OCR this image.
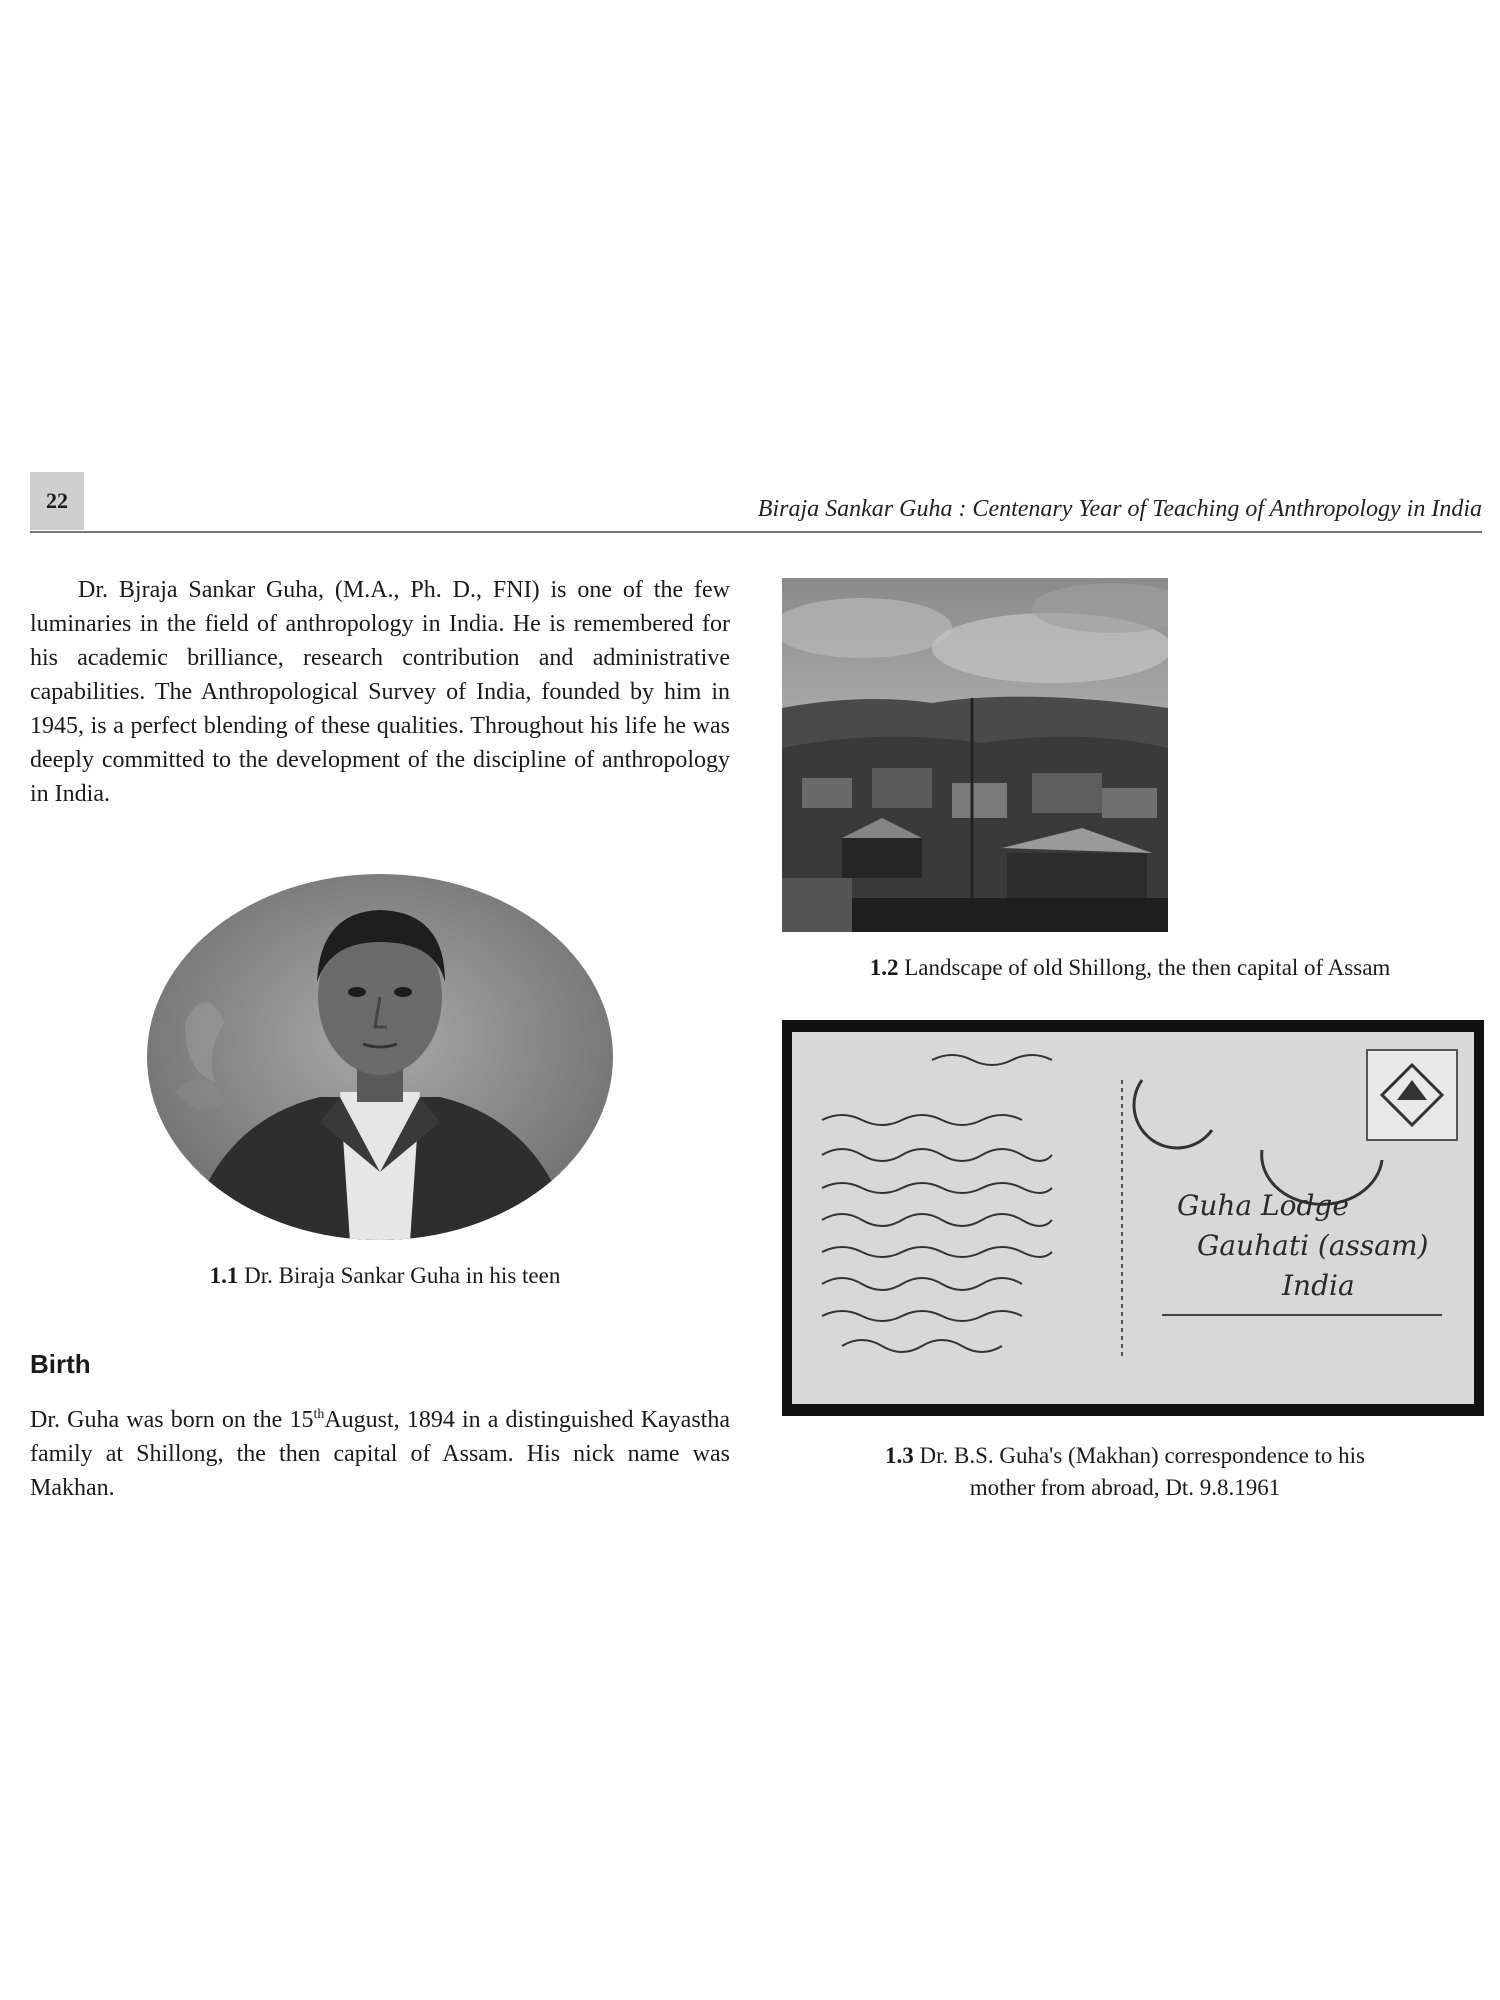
22	Biraja Sankar Guha : Centenary Year of Teaching of Anthropology in India

Dr. Bjraja Sankar Guha, (M.A., Ph. D., FNI) is one of the few luminaries in the field of anthropology in India. He is remembered for his academic brilliance, research contribution and administrative capabilities. The Anthropological Survey of India, founded by him in 1945, is a perfect blending of these qualities. Throughout his life he was deeply committed to the development of the discipline of anthropology in India.

1.1 Dr. Biraja Sankar Guha in his teen

1.2 Landscape of old Shillong, the then capital of Assam

Guha Lodge
Gauhati (assam)
India

1.3 Dr. B.S. Guha's (Makhan) correspondence to his
mother from abroad, Dt. 9.8.1961

Birth

Dr. Guha was born on the 15thAugust, 1894 in a distinguished Kayastha family at Shillong, the then capital of Assam. His nick name was Makhan.
